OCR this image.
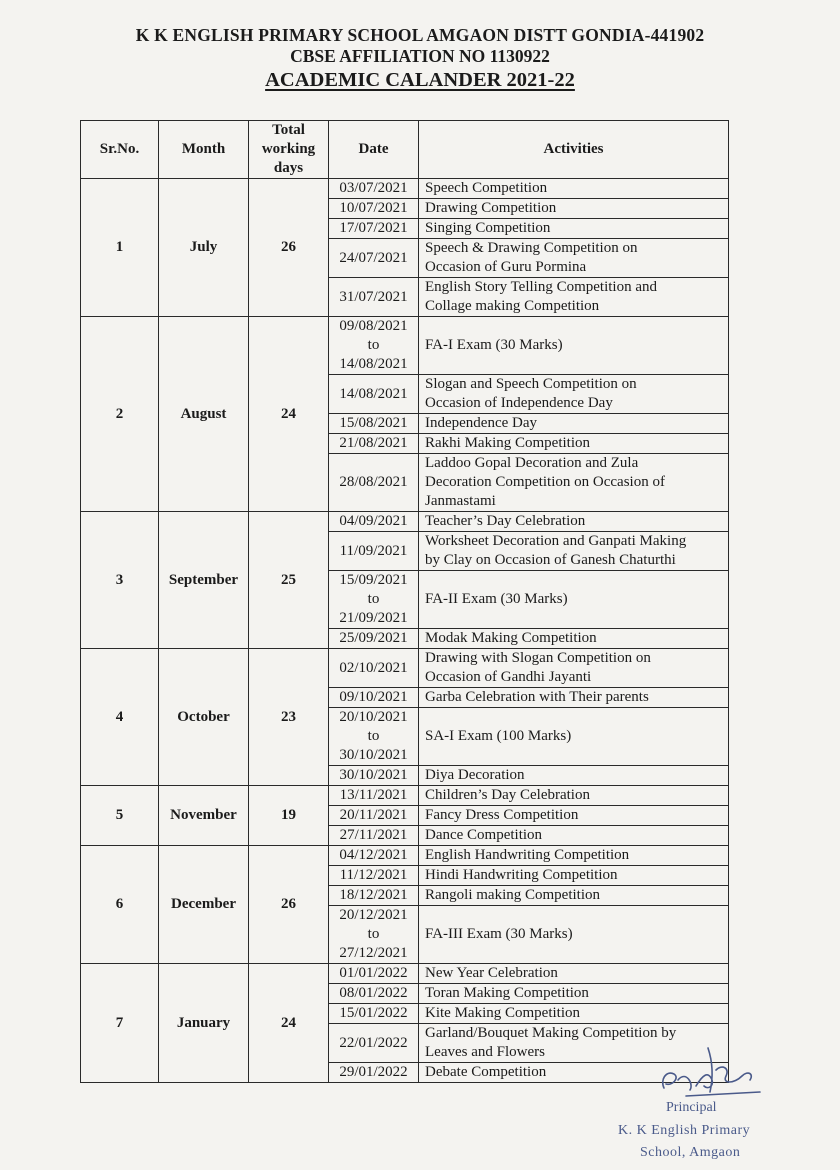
K K ENGLISH PRIMARY SCHOOL AMGAON DISTT GONDIA-441902
CBSE AFFILIATION NO 1130922
ACADEMIC CALANDER 2021-22
Sr.No.	Month	Total
working
days	Date	Activities
1	July	26	03/07/2021	Speech Competition
			10/07/2021	Drawing Competition
			17/07/2021	Singing Competition
			24/07/2021	Speech & Drawing Competition on
Occasion of Guru Pormina
			31/07/2021	English Story Telling Competition and
Collage making Competition
2	August	24	09/08/2021
to
14/08/2021	FA-I Exam (30 Marks)
			14/08/2021	Slogan and Speech Competition on
Occasion of Independence Day
			15/08/2021	Independence Day
			21/08/2021	Rakhi Making Competition
			28/08/2021	Laddoo Gopal Decoration and Zula
Decoration Competition on Occasion of
Janmastami
3	September	25	04/09/2021	Teacher’s Day Celebration
			11/09/2021	Worksheet Decoration and Ganpati Making
by Clay on Occasion of Ganesh Chaturthi
			15/09/2021
to
21/09/2021	FA-II Exam (30 Marks)
			25/09/2021	Modak Making Competition
4	October	23	02/10/2021	Drawing with Slogan Competition on
Occasion of Gandhi Jayanti
			09/10/2021	Garba Celebration with Their parents
			20/10/2021
to
30/10/2021	SA-I Exam (100 Marks)
			30/10/2021	Diya Decoration
5	November	19	13/11/2021	Children’s Day Celebration
			20/11/2021	Fancy Dress Competition
			27/11/2021	Dance Competition
6	December	26	04/12/2021	English Handwriting Competition
			11/12/2021	Hindi Handwriting Competition
			18/12/2021	Rangoli making Competition
			20/12/2021
to
27/12/2021	FA-III Exam (30 Marks)
7	January	24	01/01/2022	New Year Celebration
			08/01/2022	Toran Making Competition
			15/01/2022	Kite Making Competition
			22/01/2022	Garland/Bouquet Making Competition by
Leaves and Flowers
			29/01/2022	Debate Competition
Principal
K. K English Primary
School, Amgaon
